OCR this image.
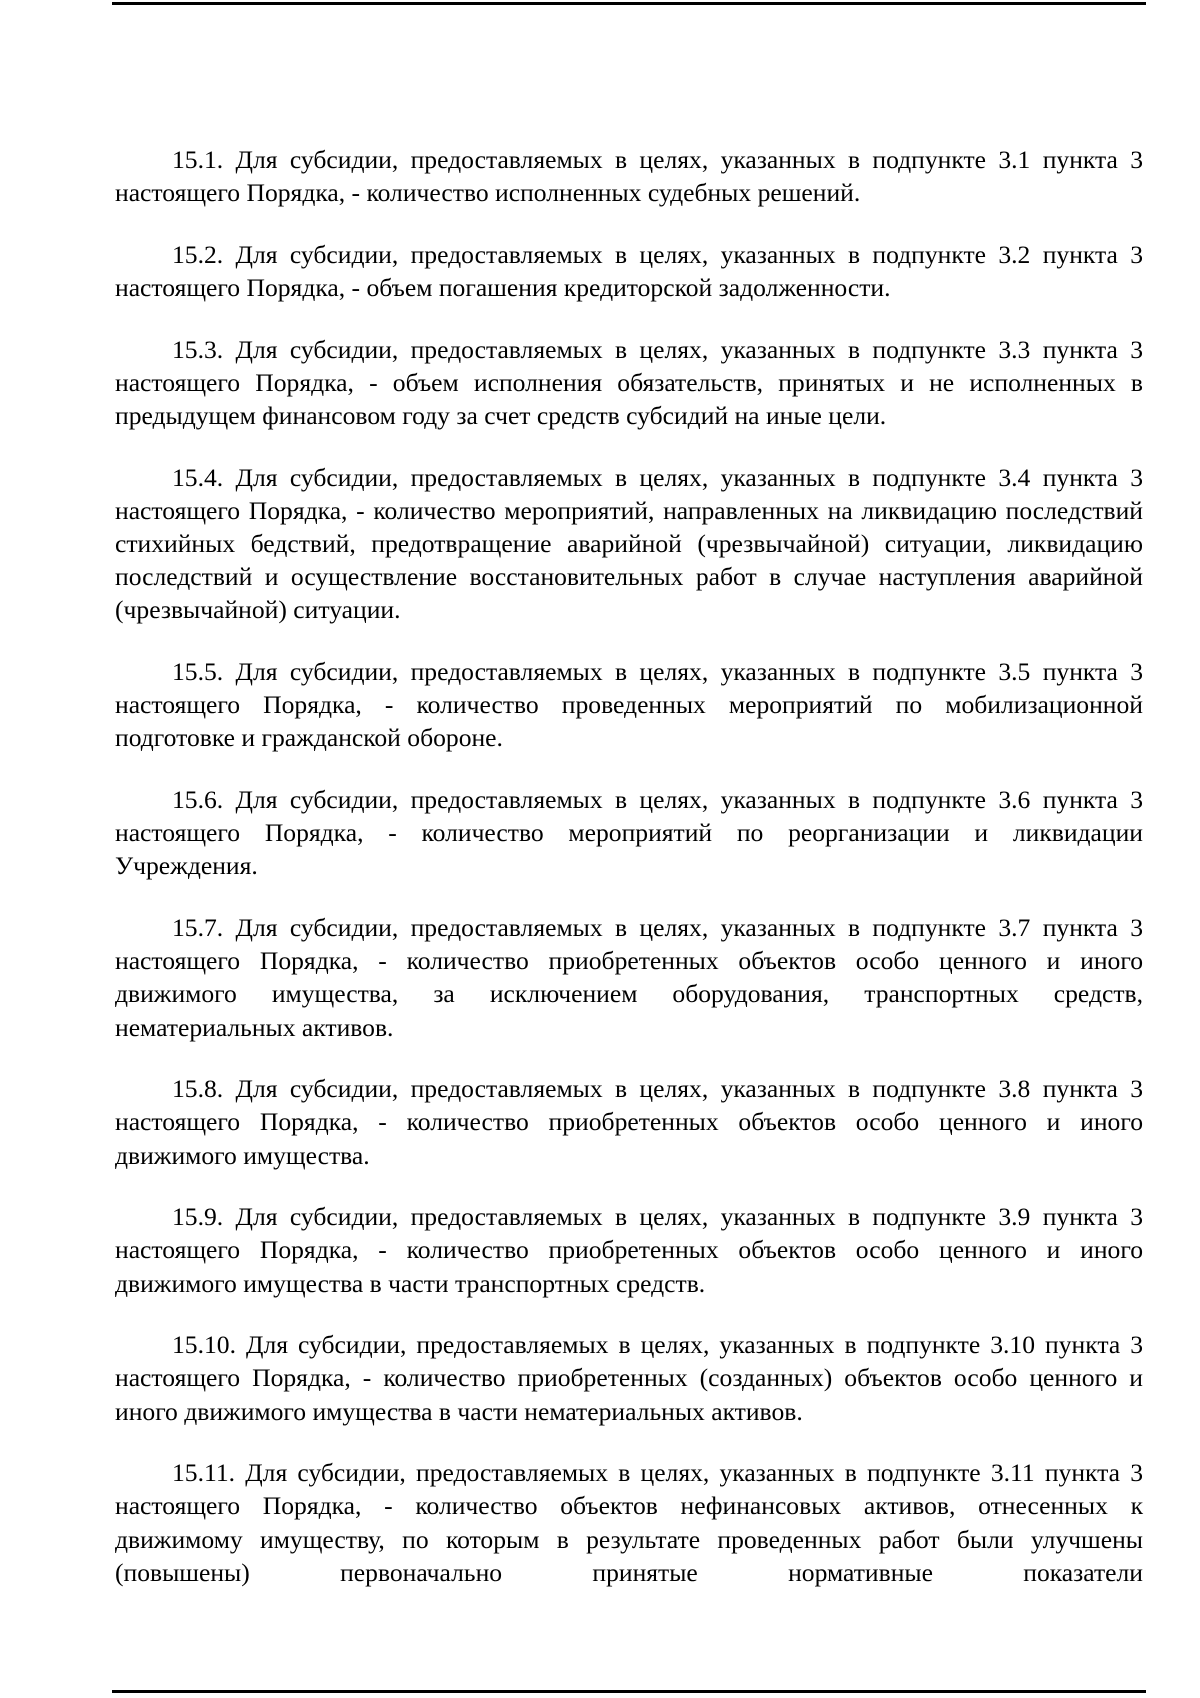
15.1. Для субсидии, предоставляемых в целях, указанных в подпункте 3.1 пункта 3 настоящего Порядка, - количество исполненных судебных решений.

15.2. Для субсидии, предоставляемых в целях, указанных в подпункте 3.2 пункта 3 настоящего Порядка, - объем погашения кредиторской задолженности.

15.3. Для субсидии, предоставляемых в целях, указанных в подпункте 3.3 пункта 3 настоящего Порядка, - объем исполнения обязательств, принятых и не исполненных в предыдущем финансовом году за счет средств субсидий на иные цели.

15.4. Для субсидии, предоставляемых в целях, указанных в подпункте 3.4 пункта 3 настоящего Порядка, - количество мероприятий, направленных на ликвидацию последствий стихийных бедствий, предотвращение аварийной (чрезвычайной) ситуации, ликвидацию последствий и осуществление восстановительных работ в случае наступления аварийной (чрезвычайной) ситуации.

15.5. Для субсидии, предоставляемых в целях, указанных в подпункте 3.5 пункта 3 настоящего Порядка, - количество проведенных мероприятий по мобилизационной подготовке и гражданской обороне.

15.6. Для субсидии, предоставляемых в целях, указанных в подпункте 3.6 пункта 3 настоящего Порядка, - количество мероприятий по реорганизации и ликвидации Учреждения.

15.7. Для субсидии, предоставляемых в целях, указанных в подпункте 3.7 пункта 3 настоящего Порядка, - количество приобретенных объектов особо ценного и иного движимого имущества, за исключением оборудования, транспортных средств, нематериальных активов.

15.8. Для субсидии, предоставляемых в целях, указанных в подпункте 3.8 пункта 3 настоящего Порядка, - количество приобретенных объектов особо ценного и иного движимого имущества.

15.9. Для субсидии, предоставляемых в целях, указанных в подпункте 3.9 пункта 3 настоящего Порядка, - количество приобретенных объектов особо ценного и иного движимого имущества в части транспортных средств.

15.10. Для субсидии, предоставляемых в целях, указанных в подпункте 3.10 пункта 3 настоящего Порядка, - количество приобретенных (созданных) объектов особо ценного и иного движимого имущества в части нематериальных активов.

15.11. Для субсидии, предоставляемых в целях, указанных в подпункте 3.11 пункта 3 настоящего Порядка, - количество объектов нефинансовых активов, отнесенных к движимому имуществу, по которым в результате проведенных работ были улучшены (повышены) первоначально принятые нормативные показатели
